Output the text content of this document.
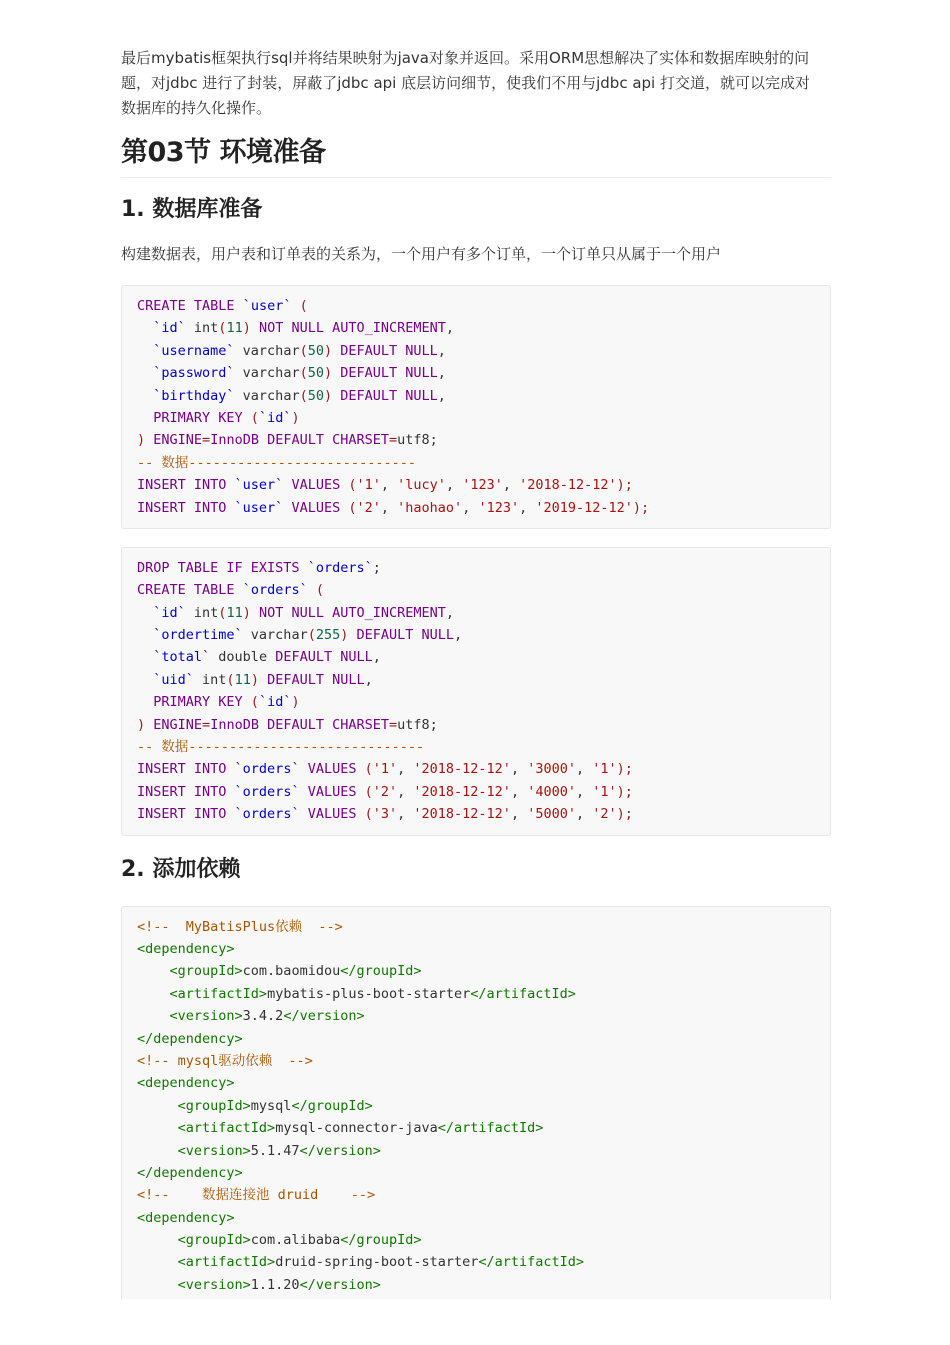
最后mybatis框架执行sql并将结果映射为java对象并返回。采用ORM思想解决了实体和数据库映射的问
题，对jdbc 进行了封装，屏蔽了jdbc api 底层访问细节，使我们不用与jdbc api 打交道，就可以完成对
数据库的持久化操作。

第03节 环境准备
1. 数据库准备

构建数据表，用户表和订单表的关系为，一个用户有多个订单，一个订单只从属于一个用户

CREATE TABLE `user` (
`id` int(11) NOT NULL AUTO_INCREMENT,
`username` varchar(50) DEFAULT NULL,
`password` varchar(50) DEFAULT NULL,
`birthday` varchar(50) DEFAULT NULL,
PRIMARY KEY (`id`)
) ENGINE=InnoDB DEFAULT CHARSET=utf8;
-- 数据----------------------------
INSERT INTO `user` VALUES ('1', 'lucy', '123', '2018-12-12');
INSERT INTO `user` VALUES ('2', 'haohao', '123', '2019-12-12');
DROP TABLE IF EXISTS `orders`;
CREATE TABLE `orders` (
`id` int(11) NOT NULL AUTO_INCREMENT,
`ordertime` varchar(255) DEFAULT NULL,
`total` double DEFAULT NULL,
`uid` int(11) DEFAULT NULL,
PRIMARY KEY (`id`)
) ENGINE=InnoDB DEFAULT CHARSET=utf8;
-- 数据-----------------------------
INSERT INTO `orders` VALUES ('1', '2018-12-12', '3000', '1');
INSERT INTO `orders` VALUES ('2', '2018-12-12', '4000', '1');
INSERT INTO `orders` VALUES ('3', '2018-12-12', '5000', '2');
2. 添加依赖
<!--  MyBatisPlus依赖  -->
<dependency>
<groupId>com.baomidou</groupId>
<artifactId>mybatis-plus-boot-starter</artifactId>
<version>3.4.2</version>
</dependency>
<!-- mysql驱动依赖  -->
<dependency>
<groupId>mysql</groupId>
<artifactId>mysql-connector-java</artifactId>
<version>5.1.47</version>
</dependency>
<!--    数据连接池 druid    -->
<dependency>
<groupId>com.alibaba</groupId>
<artifactId>druid-spring-boot-starter</artifactId>
<version>1.1.20</version>
